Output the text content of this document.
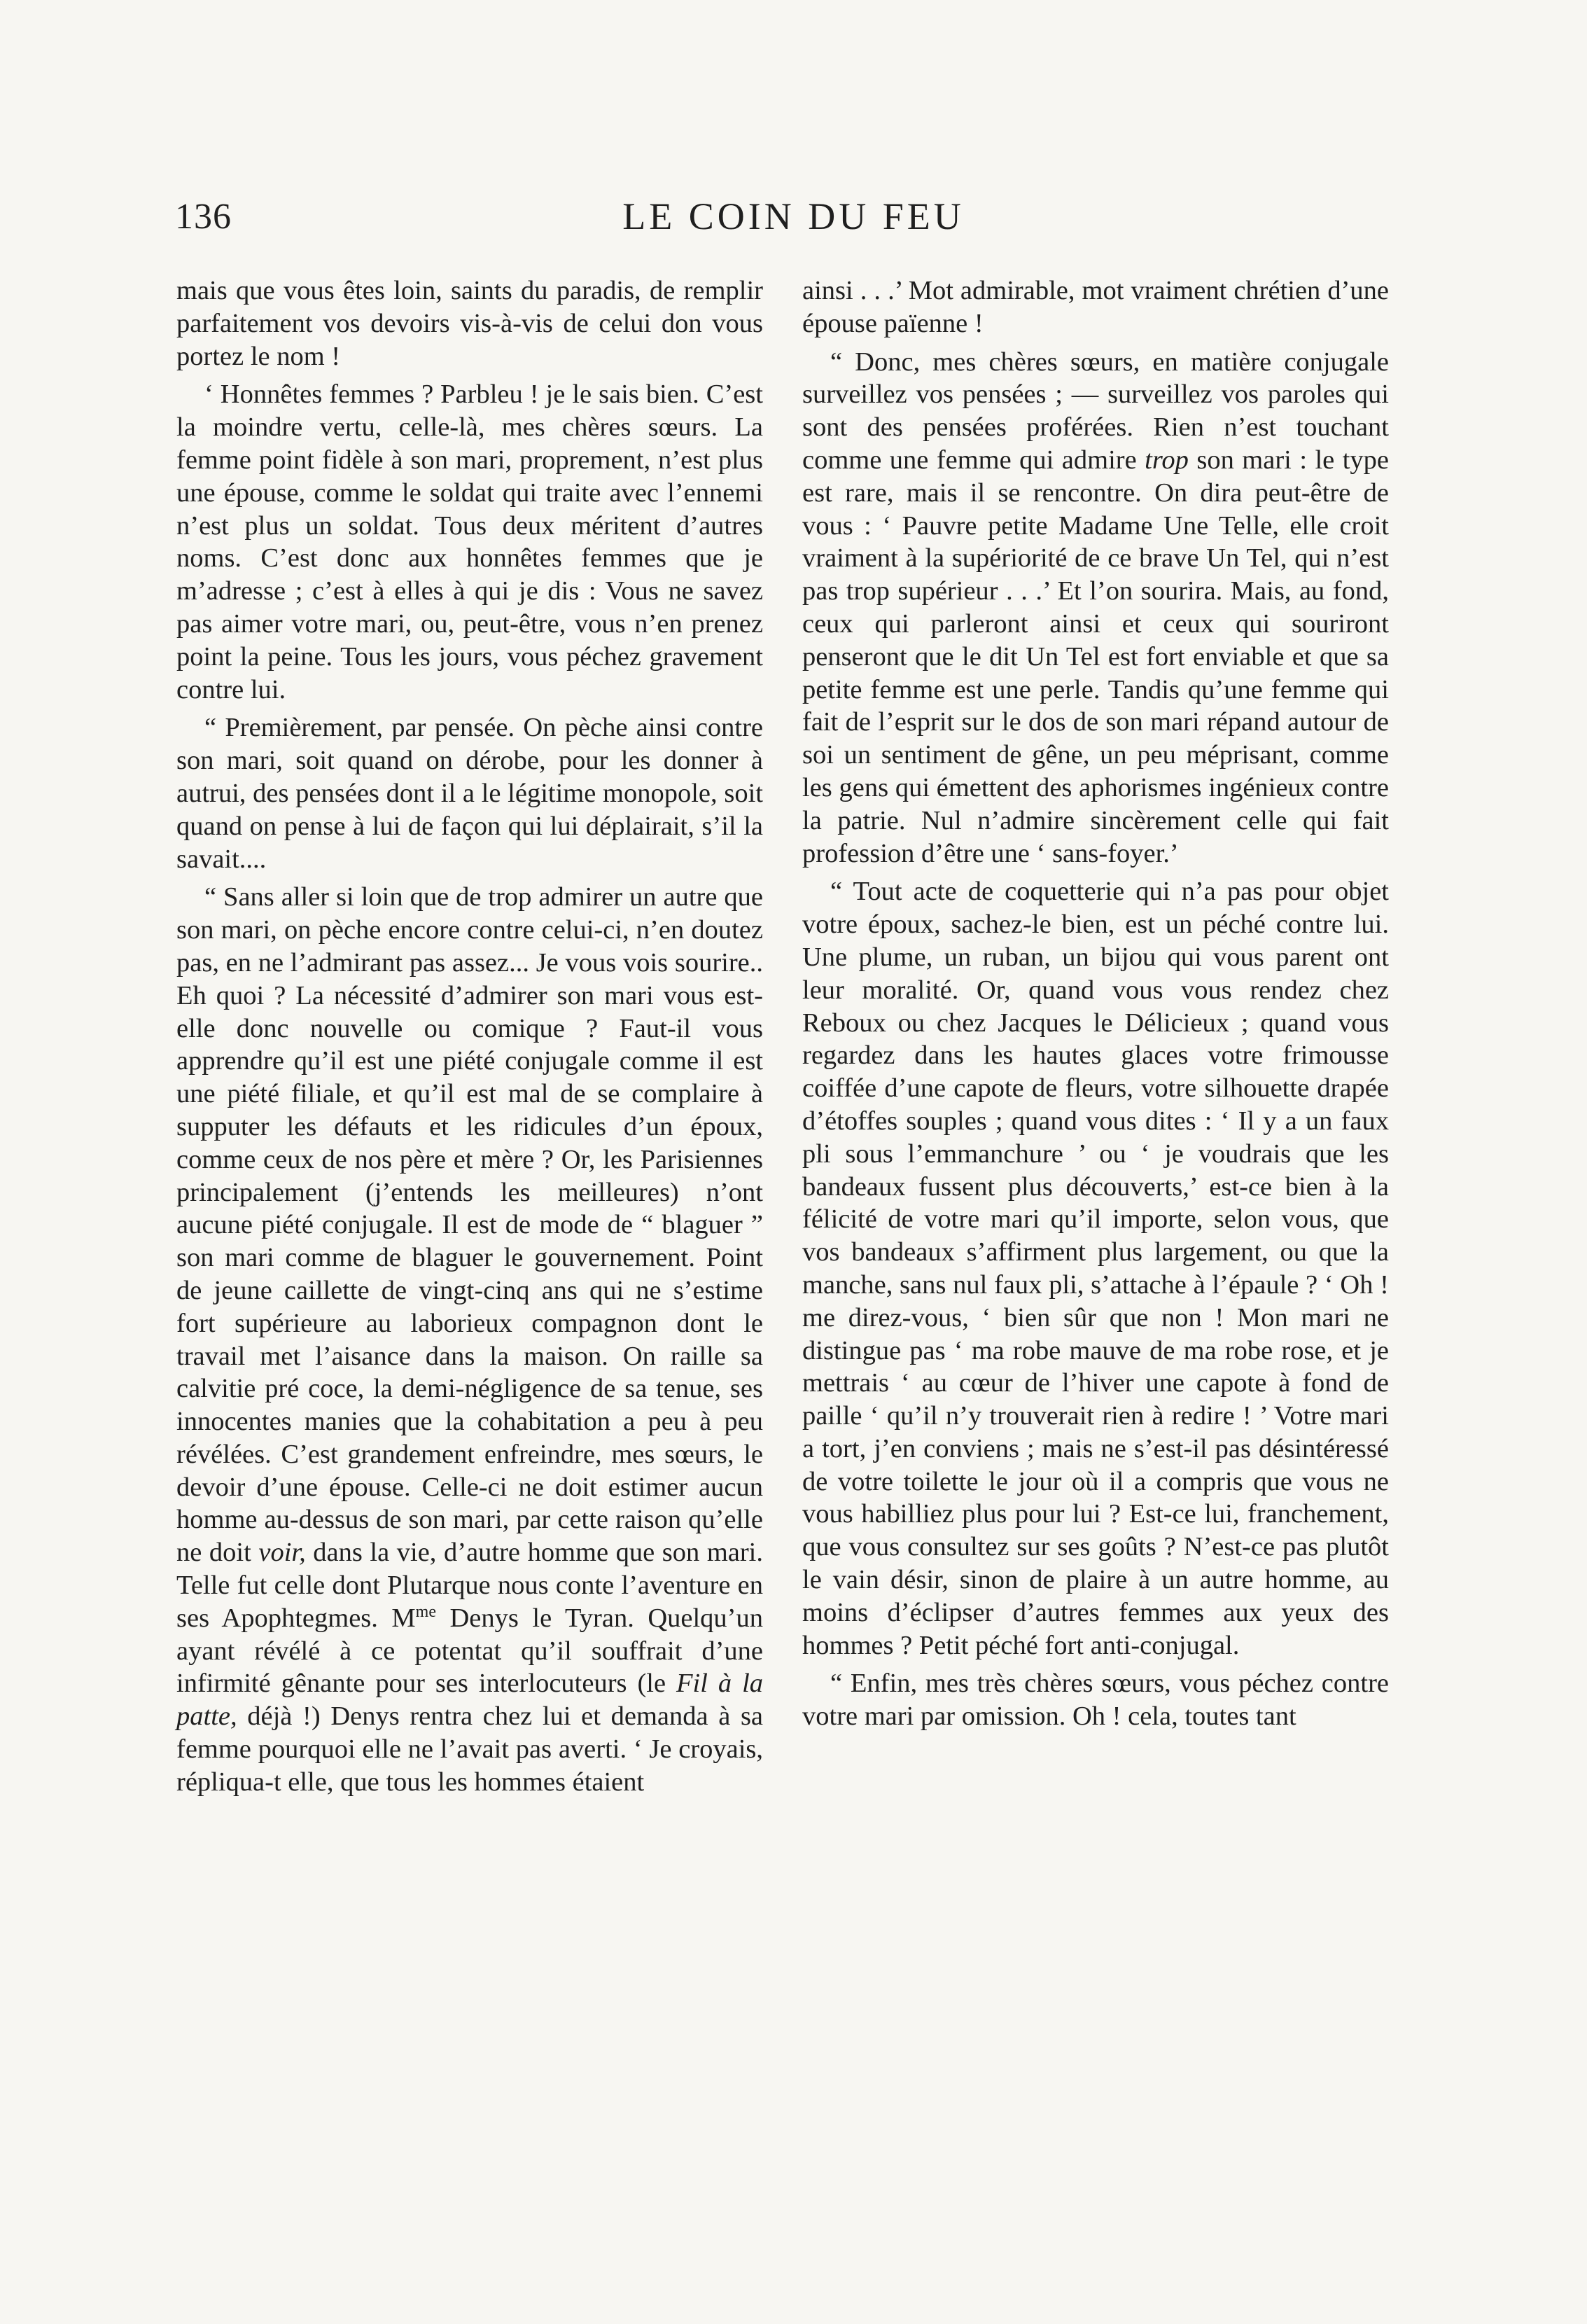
136	LE COIN DU FEU

mais que vous êtes loin, saints du paradis, de remplir parfaitement vos devoirs vis-à-vis de celui don vous portez le nom !

‘ Honnêtes femmes ? Parbleu ! je le sais bien. C’est la moindre vertu, celle-là, mes chères sœurs. La femme point fidèle à son mari, proprement, n’est plus une épouse, comme le soldat qui traite avec l’ennemi n’est plus un soldat. Tous deux méritent d’autres noms. C’est donc aux honnêtes femmes que je m’adresse ; c’est à elles à qui je dis : Vous ne savez pas aimer votre mari, ou, peut-être, vous n’en prenez point la peine. Tous les jours, vous péchez gravement contre lui.

“ Premièrement, par pensée. On pèche ainsi contre son mari, soit quand on dérobe, pour les donner à autrui, des pensées dont il a le légitime monopole, soit quand on pense à lui de façon qui lui déplairait, s’il la savait....

“ Sans aller si loin que de trop admirer un autre que son mari, on pèche encore contre celui-ci, n’en doutez pas, en ne l’admirant pas assez... Je vous vois sourire.. Eh quoi ? La nécessité d’admirer son mari vous est-elle donc nouvelle ou comique ? Faut-il vous apprendre qu’il est une piété conjugale comme il est une piété filiale, et qu’il est mal de se complaire à supputer les défauts et les ridicules d’un époux, comme ceux de nos père et mère ? Or, les Parisiennes principalement (j’entends les meilleures) n’ont aucune piété conjugale. Il est de mode de “ blaguer ” son mari comme de blaguer le gouvernement. Point de jeune caillette de vingt-cinq ans qui ne s’estime fort supérieure au laborieux compagnon dont le travail met l’aisance dans la maison. On raille sa calvitie pré coce, la demi-négligence de sa tenue, ses innocentes manies que la cohabitation a peu à peu révélées. C’est grandement enfreindre, mes sœurs, le devoir d’une épouse. Celle-ci ne doit estimer aucun homme au-dessus de son mari, par cette raison qu’elle ne doit voir, dans la vie, d’autre homme que son mari. Telle fut celle dont Plutarque nous conte l’aventure en ses Apophtegmes. $M^{me}$ Denys le Tyran. Quelqu’un ayant révélé à ce potentat qu’il souffrait d’une infirmité gênante pour ses interlocuteurs (le Fil à la patte, déjà !) Denys rentra chez lui et demanda à sa femme pourquoi elle ne l’avait pas averti. ‘ Je croyais, répliqua-t elle, que tous les hommes étaient

ainsi . . .’ Mot admirable, mot vraiment chrétien d’une épouse païenne !

“ Donc, mes chères sœurs, en matière conjugale surveillez vos pensées ; — surveillez vos paroles qui sont des pensées proférées. Rien n’est touchant comme une femme qui admire trop son mari : le type est rare, mais il se rencontre. On dira peut-être de vous : ‘ Pauvre petite Madame Une Telle, elle croit vraiment à la supériorité de ce brave Un Tel, qui n’est pas trop supérieur . . .’ Et l’on sourira. Mais, au fond, ceux qui parleront ainsi et ceux qui souriront penseront que le dit Un Tel est fort enviable et que sa petite femme est une perle. Tandis qu’une femme qui fait de l’esprit sur le dos de son mari répand autour de soi un sentiment de gêne, un peu méprisant, comme les gens qui émettent des aphorismes ingénieux contre la patrie. Nul n’admire sincèrement celle qui fait profession d’être une ‘ sans-foyer.’

“ Tout acte de coquetterie qui n’a pas pour objet votre époux, sachez-le bien, est un péché contre lui. Une plume, un ruban, un bijou qui vous parent ont leur moralité. Or, quand vous vous rendez chez Reboux ou chez Jacques le Délicieux ; quand vous regardez dans les hautes glaces votre frimousse coiffée d’une capote de fleurs, votre silhouette drapée d’étoffes souples ; quand vous dites : ‘ Il y a un faux pli sous l’emmanchure ’ ou ‘ je voudrais que les bandeaux fussent plus découverts,’ est-ce bien à la félicité de votre mari qu’il importe, selon vous, que vos bandeaux s’affirment plus largement, ou que la manche, sans nul faux pli, s’attache à l’épaule ? ‘ Oh ! me direz-vous, ‘ bien sûr que non ! Mon mari ne distingue pas ‘ ma robe mauve de ma robe rose, et je mettrais ‘ au cœur de l’hiver une capote à fond de paille ‘ qu’il n’y trouverait rien à redire ! ’ Votre mari a tort, j’en conviens ; mais ne s’est-il pas désintéressé de votre toilette le jour où il a compris que vous ne vous habilliez plus pour lui ? Est-ce lui, franchement, que vous consultez sur ses goûts ? N’est-ce pas plutôt le vain désir, sinon de plaire à un autre homme, au moins d’éclipser d’autres femmes aux yeux des hommes ? Petit péché fort anti-conjugal.

“ Enfin, mes très chères sœurs, vous péchez contre votre mari par omission. Oh ! cela, toutes tant
